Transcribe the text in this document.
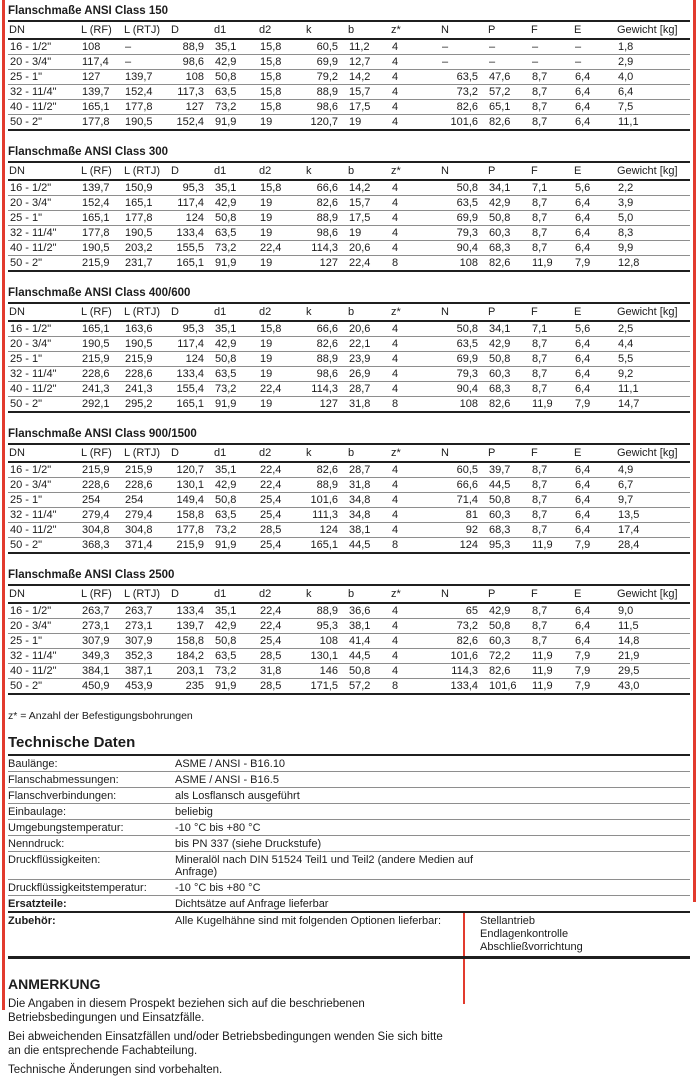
Flanschmaße ANSI Class 150
DN	L (RF)	L (RTJ)	D	d1	d2	k	b	z*	N	P	F	E	Gewicht [kg]
16 - 1/2"	108	–	88,9	35,1	15,8	60,5	11,2	4	–	–	–	–	1,8
20 - 3/4"	117,4	–	98,6	42,9	15,8	69,9	12,7	4	–	–	–	–	2,9
25 - 1"	127	139,7	108	50,8	15,8	79,2	14,2	4	63,5	47,6	8,7	6,4	4,0
32 - 11/4"	139,7	152,4	117,3	63,5	15,8	88,9	15,7	4	73,2	57,2	8,7	6,4	6,4
40 - 11/2"	165,1	177,8	127	73,2	15,8	98,6	17,5	4	82,6	65,1	8,7	6,4	7,5
50 - 2"	177,8	190,5	152,4	91,9	19	120,7	19	4	101,6	82,6	8,7	6,4	11,1
Flanschmaße ANSI Class 300
DN	L (RF)	L (RTJ)	D	d1	d2	k	b	z*	N	P	F	E	Gewicht [kg]
16 - 1/2"	139,7	150,9	95,3	35,1	15,8	66,6	14,2	4	50,8	34,1	7,1	5,6	2,2
20 - 3/4"	152,4	165,1	117,4	42,9	19	82,6	15,7	4	63,5	42,9	8,7	6,4	3,9
25 - 1"	165,1	177,8	124	50,8	19	88,9	17,5	4	69,9	50,8	8,7	6,4	5,0
32 - 11/4"	177,8	190,5	133,4	63,5	19	98,6	19	4	79,3	60,3	8,7	6,4	8,3
40 - 11/2"	190,5	203,2	155,5	73,2	22,4	114,3	20,6	4	90,4	68,3	8,7	6,4	9,9
50 - 2"	215,9	231,7	165,1	91,9	19	127	22,4	8	108	82,6	11,9	7,9	12,8
Flanschmaße ANSI Class 400/600
DN	L (RF)	L (RTJ)	D	d1	d2	k	b	z*	N	P	F	E	Gewicht [kg]
16 - 1/2"	165,1	163,6	95,3	35,1	15,8	66,6	20,6	4	50,8	34,1	7,1	5,6	2,5
20 - 3/4"	190,5	190,5	117,4	42,9	19	82,6	22,1	4	63,5	42,9	8,7	6,4	4,4
25 - 1"	215,9	215,9	124	50,8	19	88,9	23,9	4	69,9	50,8	8,7	6,4	5,5
32 - 11/4"	228,6	228,6	133,4	63,5	19	98,6	26,9	4	79,3	60,3	8,7	6,4	9,2
40 - 11/2"	241,3	241,3	155,4	73,2	22,4	114,3	28,7	4	90,4	68,3	8,7	6,4	11,1
50 - 2"	292,1	295,2	165,1	91,9	19	127	31,8	8	108	82,6	11,9	7,9	14,7
Flanschmaße ANSI Class 900/1500
DN	L (RF)	L (RTJ)	D	d1	d2	k	b	z*	N	P	F	E	Gewicht [kg]
16 - 1/2"	215,9	215,9	120,7	35,1	22,4	82,6	28,7	4	60,5	39,7	8,7	6,4	4,9
20 - 3/4"	228,6	228,6	130,1	42,9	22,4	88,9	31,8	4	66,6	44,5	8,7	6,4	6,7
25 - 1"	254	254	149,4	50,8	25,4	101,6	34,8	4	71,4	50,8	8,7	6,4	9,7
32 - 11/4"	279,4	279,4	158,8	63,5	25,4	111,3	34,8	4	81	60,3	8,7	6,4	13,5
40 - 11/2"	304,8	304,8	177,8	73,2	28,5	124	38,1	4	92	68,3	8,7	6,4	17,4
50 - 2"	368,3	371,4	215,9	91,9	25,4	165,1	44,5	8	124	95,3	11,9	7,9	28,4
Flanschmaße ANSI Class 2500
DN	L (RF)	L (RTJ)	D	d1	d2	k	b	z*	N	P	F	E	Gewicht [kg]
16 - 1/2"	263,7	263,7	133,4	35,1	22,4	88,9	36,6	4	65	42,9	8,7	6,4	9,0
20 - 3/4"	273,1	273,1	139,7	42,9	22,4	95,3	38,1	4	73,2	50,8	8,7	6,4	11,5
25 - 1"	307,9	307,9	158,8	50,8	25,4	108	41,4	4	82,6	60,3	8,7	6,4	14,8
32 - 11/4"	349,3	352,3	184,2	63,5	28,5	130,1	44,5	4	101,6	72,2	11,9	7,9	21,9
40 - 11/2"	384,1	387,1	203,1	73,2	31,8	146	50,8	4	114,3	82,6	11,9	7,9	29,5
50 - 2"	450,9	453,9	235	91,9	28,5	171,5	57,2	8	133,4	101,6	11,9	7,9	43,0
z* = Anzahl der Befestigungsbohrungen
Technische Daten
Baulänge:	ASME / ANSI - B16.10
Flanschabmessungen:	ASME / ANSI - B16.5
Flanschverbindungen:	als Losflansch ausgeführt
Einbaulage:	beliebig
Umgebungstemperatur:	-10 °C bis +80 °C
Nenndruck:	bis PN 337 (siehe Druckstufe)
Druckflüssigkeiten:	Mineralöl nach DIN 51524 Teil1 und Teil2 (andere Medien auf Anfrage)
Druckflüssigkeitstemperatur:	-10 °C bis +80 °C
Ersatzteile:	Dichtsätze auf Anfrage lieferbar
Zubehör:	Alle Kugelhähne sind mit folgenden Optionen lieferbar:	Stellantrieb
Endlagenkontrolle
Abschließvorrichtung
ANMERKUNG

Die Angaben in diesem Prospekt beziehen sich auf die beschriebenen Betriebsbedingungen und Einsatzfälle.

Bei abweichenden Einsatzfällen und/oder Betriebsbedingungen wenden Sie sich bitte an die entsprechende Fachabteilung.

Technische Änderungen sind vorbehalten.
